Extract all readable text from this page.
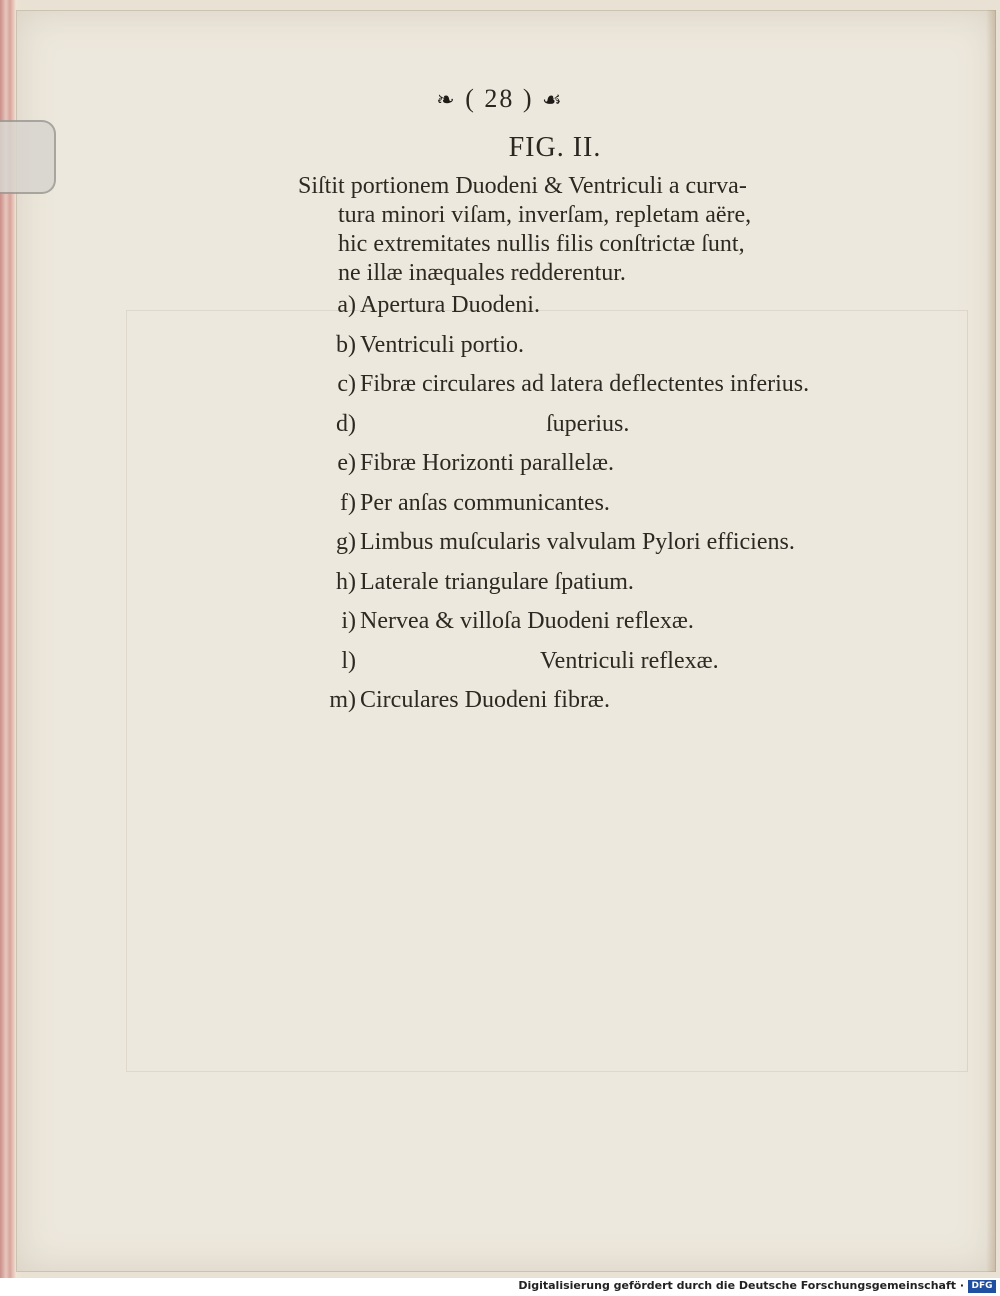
❧ ( 28 ) ☙
FIG. II.
Siſtit portionem Duodeni & Ventriculi a curva-
tura minori viſam, inverſam, repletam aëre,
hic extremitates nullis filis conſtrictæ ſunt,
ne illæ inæquales redderentur.
a) Apertura Duodeni.
b) Ventriculi portio.
c) Fibræ circulares ad latera deflectentes inferius.
d)	ſuperius.
e) Fibræ Horizonti parallelæ.
f) Per anſas communicantes.
g) Limbus muſcularis valvulam Pylori efficiens.
h) Laterale triangulare ſpatium.
i) Nervea & villoſa Duodeni reflexæ.
l)	Ventriculi reflexæ.
m) Circulares Duodeni fibræ.
Digitalisierung gefördert durch die Deutsche Forschungsgemeinschaft · DFG
